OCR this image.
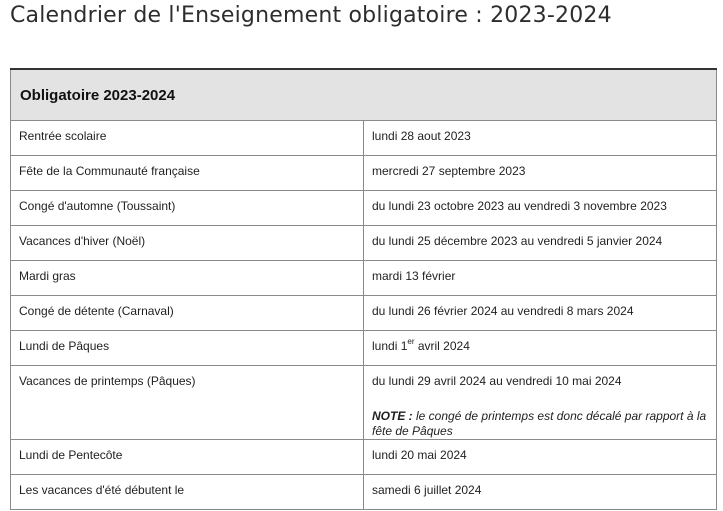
Calendrier de l'Enseignement obligatoire : 2023-2024
Obligatoire 2023-2024	
Rentrée scolaire	lundi 28 aout 2023
Fête de la Communauté française	mercredi 27 septembre 2023
Congé d'automne (Toussaint)	du lundi 23 octobre 2023 au vendredi 3 novembre 2023
Vacances d'hiver (Noël)	du lundi 25 décembre 2023 au vendredi 5 janvier 2024
Mardi gras	mardi 13 février
Congé de détente (Carnaval)	du lundi 26 février 2024 au vendredi 8 mars 2024
Lundi de Pâques	lundi 1er avril 2024
Vacances de printemps (Pâques)	du lundi 29 avril 2024 au vendredi 10 mai 2024
NOTE : le congé de printemps est donc décalé par rapport à la fête de Pâques

Lundi de Pentecôte	lundi 20 mai 2024
Les vacances d'été débutent le	samedi 6 juillet 2024
